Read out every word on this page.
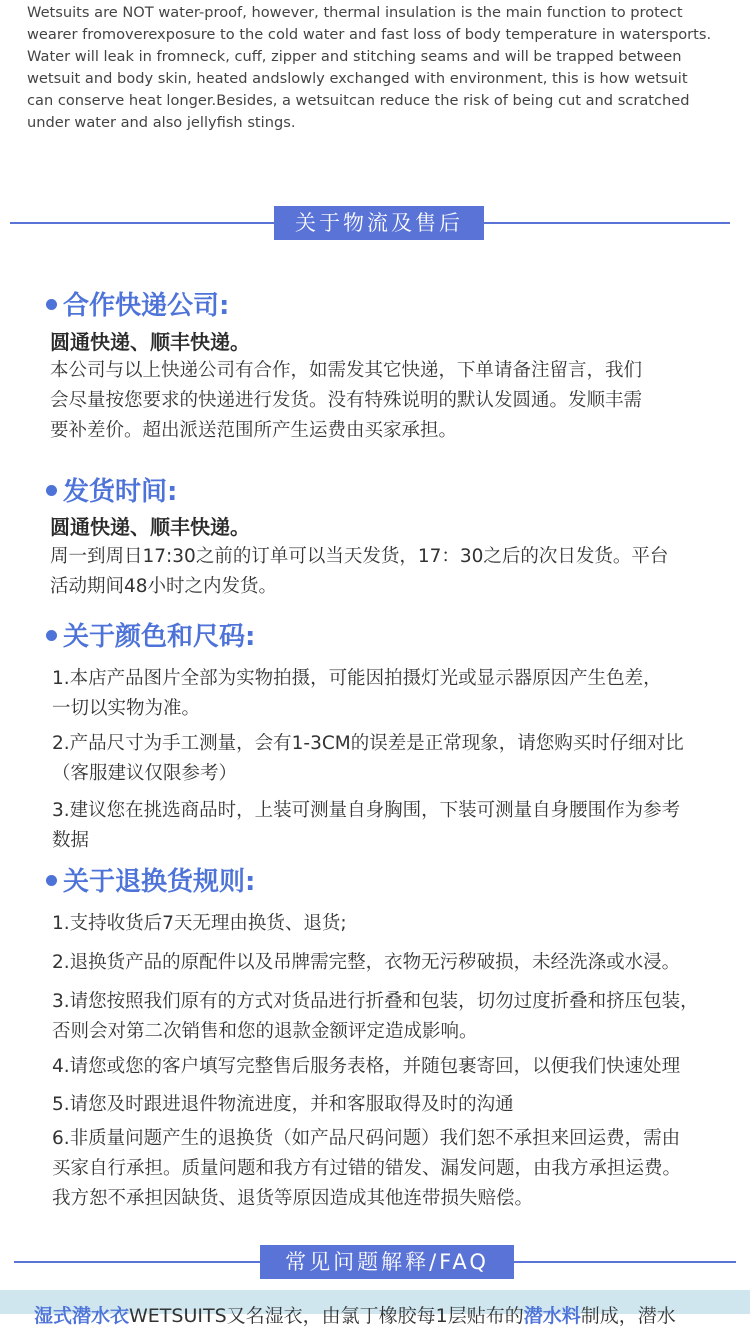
Wetsuits are NOT water-proof, however, thermal insulation is the main function to protect
wearer fromoverexposure to the cold water and fast loss of body temperature in watersports.
Water will leak in fromneck, cuff, zipper and stitching seams and will be trapped between
wetsuit and body skin, heated andslowly exchanged with environment, this is how wetsuit
can conserve heat longer.Besides, a wetsuitcan reduce the risk of being cut and scratched
under water and also jellyfish stings.
关于物流及售后
合作快递公司:
圆通快递、顺丰快递。
本公司与以上快递公司有合作，如需发其它快递，下单请备注留言，我们
会尽量按您要求的快递进行发货。没有特殊说明的默认发圆通。发顺丰需
要补差价。超出派送范围所产生运费由买家承担。
发货时间:
圆通快递、顺丰快递。
周一到周日17:30之前的订单可以当天发货，17：30之后的次日发货。平台
活动期间48小时之内发货。
关于颜色和尺码:
1.本店产品图片全部为实物拍摄，可能因拍摄灯光或显示器原因产生色差，
一切以实物为准。
2.产品尺寸为手工测量，会有1-3CM的误差是正常现象，请您购买时仔细对比
（客服建议仅限参考）
3.建议您在挑选商品时，上装可测量自身胸围，下装可测量自身腰围作为参考
数据
关于退换货规则:
1.支持收货后7天无理由换货、退货;
2.退换货产品的原配件以及吊牌需完整，衣物无污秽破损，未经洗涤或水浸。
3.请您按照我们原有的方式对货品进行折叠和包装，切勿过度折叠和挤压包装，
否则会对第二次销售和您的退款金额评定造成影响。
4.请您或您的客户填写完整售后服务表格，并随包裹寄回，以便我们快速处理
5.请您及时跟进退件物流进度，并和客服取得及时的沟通
6.非质量问题产生的退换货（如产品尺码问题）我们恕不承担来回运费，需由
买家自行承担。质量问题和我方有过错的错发、漏发问题，由我方承担运费。
我方恕不承担因缺货、退货等原因造成其他连带损失赔偿。
常见问题解释/FAQ
湿式潜水衣WETSUITS又名湿衣，由氯丁橡胶每1层贴布的潜水料制成，潜水
